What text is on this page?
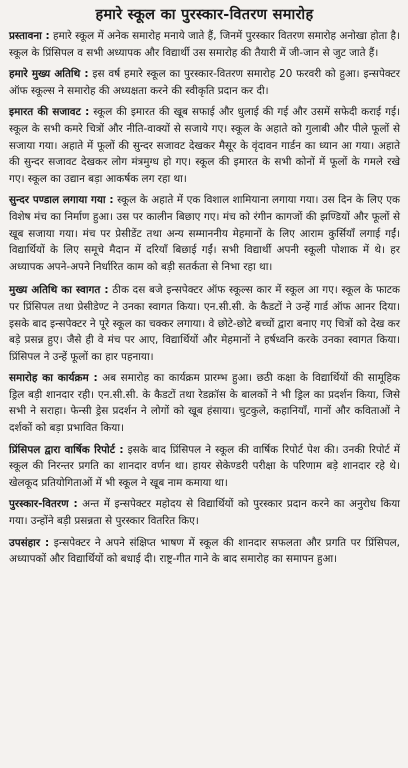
हमारे स्कूल का पुरस्कार-वितरण समारोह

प्रस्तावना : हमारे स्कूल में अनेक समारोह मनाये जाते हैं, जिनमें पुरस्कार वितरण समारोह अनोखा होता है। स्कूल के प्रिंसिपल व सभी अध्यापक और विद्यार्थी उस समारोह की तैयारी में जी-जान से जुट जाते हैं।

हमारे मुख्य अतिथि : इस वर्ष हमारे स्कूल का पुरस्कार-वितरण समारोह 20 फरवरी को हुआ। इन्सपेक्टर ऑफ स्कूल्स ने समारोह की अध्यक्षता करने की स्वीकृति प्रदान कर दी।

इमारत की सजावट : स्कूल की इमारत की खूब सफाई और धुलाई की गई और उसमें सफेदी कराई गई। स्कूल के सभी कमरे चित्रों और नीति-वाक्यों से सजाये गए। स्कूल के अहाते को गुलाबी और पीले फूलों से सजाया गया। अहाते में फूलों की सुन्दर सजावट देखकर मैसूर के वृंदावन गार्डन का ध्यान आ गया। अहाते की सुन्दर सजावट देखकर लोग मंत्रमुग्ध हो गए। स्कूल की इमारत के सभी कोनों में फूलों के गमले रखे गए। स्कूल का उद्यान बड़ा आकर्षक लग रहा था।

सुन्दर पण्डाल लगाया गया : स्कूल के अहाते में एक विशाल शामियाना लगाया गया। उस दिन के लिए एक विशेष मंच का निर्माण हुआ। उस पर कालीन बिछाए गए। मंच को रंगीन कागजों की झण्डियों और फूलों से खूब सजाया गया। मंच पर प्रेसीडेंट तथा अन्य सम्माननीय मेहमानों के लिए आराम कुर्सियाँ लगाई गईं। विद्यार्थियों के लिए समूचे मैदान में दरियाँ बिछाई गईं। सभी विद्यार्थी अपनी स्कूली पोशाक में थे। हर अध्यापक अपने-अपने निर्धारित काम को बड़ी सतर्कता से निभा रहा था।

मुख्य अतिथि का स्वागत : ठीक दस बजे इन्सपेक्टर ऑफ स्कूल्स कार में स्कूल आ गए। स्कूल के फाटक पर प्रिंसिपल तथा प्रेसीडेण्ट ने उनका स्वागत किया। एन.सी.सी. के कैडटों ने उन्हें गार्ड ऑफ आनर दिया। इसके बाद इन्सपेक्टर ने पूरे स्कूल का चक्कर लगाया। वे छोटे-छोटे बच्चों द्वारा बनाए गए चित्रों को देख कर बड़े प्रसन्न हुए। जैसे ही वे मंच पर आए, विद्यार्थियों और मेहमानों ने हर्षध्वनि करके उनका स्वागत किया। प्रिंसिपल ने उन्हें फूलों का हार पहनाया।

समारोह का कार्यक्रम : अब समारोह का कार्यक्रम प्रारम्भ हुआ। छठी कक्षा के विद्यार्थियों की सामूहिक ड्रिल बड़ी शानदार रही। एन.सी.सी. के कैडटों तथा रेडक्रॉस के बालकों ने भी ड्रिल का प्रदर्शन किया, जिसे सभी ने सराहा। फेन्सी ड्रेस प्रदर्शन ने लोगों को खूब हंसाया। चुटकुले, कहानियाँ, गानों और कविताओं ने दर्शकों को बड़ा प्रभावित किया।

प्रिंसिपल द्वारा वार्षिक रिपोर्ट : इसके बाद प्रिंसिपल ने स्कूल की वार्षिक रिपोर्ट पेश की। उनकी रिपोर्ट में स्कूल की निरन्तर प्रगति का शानदार वर्णन था। हायर सेकेण्डरी परीक्षा के परिणाम बड़े शानदार रहे थे। खेलकूद प्रतियोगिताओं में भी स्कूल ने खूब नाम कमाया था।

पुरस्कार-वितरण : अन्त में इन्सपेक्टर महोदय से विद्यार्थियों को पुरस्कार प्रदान करने का अनुरोध किया गया। उन्होंने बड़ी प्रसन्नता से पुरस्कार वितरित किए।

उपसंहार : इन्सपेक्टर ने अपने संक्षिप्त भाषण में स्कूल की शानदार सफलता और प्रगति पर प्रिंसिपल, अध्यापकों और विद्यार्थियों को बधाई दी। राष्ट्र-गीत गाने के बाद समारोह का समापन हुआ।
